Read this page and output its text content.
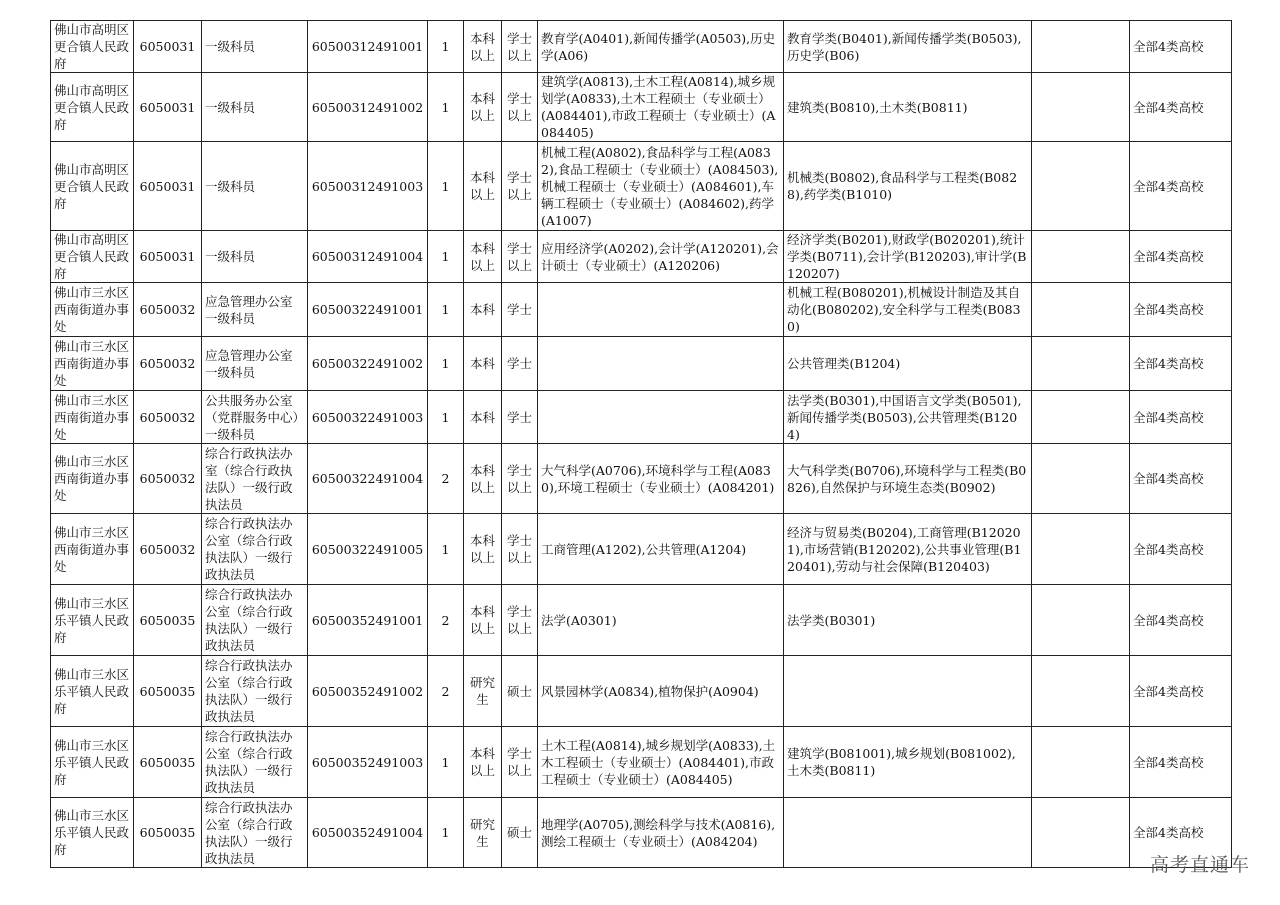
佛山市高明区更合镇人民政府	6050031	一级科员	60500312491001	1	本科以上	学士以上	教育学(A0401),新闻传播学(A0503),历史学(A06)	教育学类(B0401),新闻传播学类(B0503),历史学(B06)		全部4类高校
佛山市高明区更合镇人民政府	6050031	一级科员	60500312491002	1	本科以上	学士以上	建筑学(A0813),土木工程(A0814),城乡规划学(A0833),土木工程硕士（专业硕士）(A084401),市政工程硕士（专业硕士）(A084405)	建筑类(B0810),土木类(B0811)		全部4类高校
佛山市高明区更合镇人民政府	6050031	一级科员	60500312491003	1	本科以上	学士以上	机械工程(A0802),食品科学与工程(A0832),食品工程硕士（专业硕士）(A084503),机械工程硕士（专业硕士）(A084601),车辆工程硕士（专业硕士）(A084602),药学(A1007)	机械类(B0802),食品科学与工程类(B0828),药学类(B1010)		全部4类高校
佛山市高明区更合镇人民政府	6050031	一级科员	60500312491004	1	本科以上	学士以上	应用经济学(A0202),会计学(A120201),会计硕士（专业硕士）(A120206)	经济学类(B0201),财政学(B020201),统计学类(B0711),会计学(B120203),审计学(B120207)		全部4类高校
佛山市三水区西南街道办事处	6050032	应急管理办公室一级科员	60500322491001	1	本科	学士		机械工程(B080201),机械设计制造及其自动化(B080202),安全科学与工程类(B0830)		全部4类高校
佛山市三水区西南街道办事处	6050032	应急管理办公室一级科员	60500322491002	1	本科	学士		公共管理类(B1204)		全部4类高校
佛山市三水区西南街道办事处	6050032	公共服务办公室（党群服务中心）一级科员	60500322491003	1	本科	学士		法学类(B0301),中国语言文学类(B0501),新闻传播学类(B0503),公共管理类(B1204)		全部4类高校
佛山市三水区西南街道办事处	6050032	综合行政执法办室（综合行政执法队）一级行政执法员	60500322491004	2	本科以上	学士以上	大气科学(A0706),环境科学与工程(A0830),环境工程硕士（专业硕士）(A084201)	大气科学类(B0706),环境科学与工程类(B0826),自然保护与环境生态类(B0902)		全部4类高校
佛山市三水区西南街道办事处	6050032	综合行政执法办公室（综合行政执法队）一级行政执法员	60500322491005	1	本科以上	学士以上	工商管理(A1202),公共管理(A1204)	经济与贸易类(B0204),工商管理(B120201),市场营销(B120202),公共事业管理(B120401),劳动与社会保障(B120403)		全部4类高校
佛山市三水区乐平镇人民政府	6050035	综合行政执法办公室（综合行政执法队）一级行政执法员	60500352491001	2	本科以上	学士以上	法学(A0301)	法学类(B0301)		全部4类高校
佛山市三水区乐平镇人民政府	6050035	综合行政执法办公室（综合行政执法队）一级行政执法员	60500352491002	2	研究生	硕士	风景园林学(A0834),植物保护(A0904)			全部4类高校
佛山市三水区乐平镇人民政府	6050035	综合行政执法办公室（综合行政执法队）一级行政执法员	60500352491003	1	本科以上	学士以上	土木工程(A0814),城乡规划学(A0833),土木工程硕士（专业硕士）(A084401),市政工程硕士（专业硕士）(A084405)	建筑学(B081001),城乡规划(B081002),土木类(B0811)		全部4类高校
佛山市三水区乐平镇人民政府	6050035	综合行政执法办公室（综合行政执法队）一级行政执法员	60500352491004	1	研究生	硕士	地理学(A0705),测绘科学与技术(A0816),测绘工程硕士（专业硕士）(A084204)			全部4类高校
高考直通车
